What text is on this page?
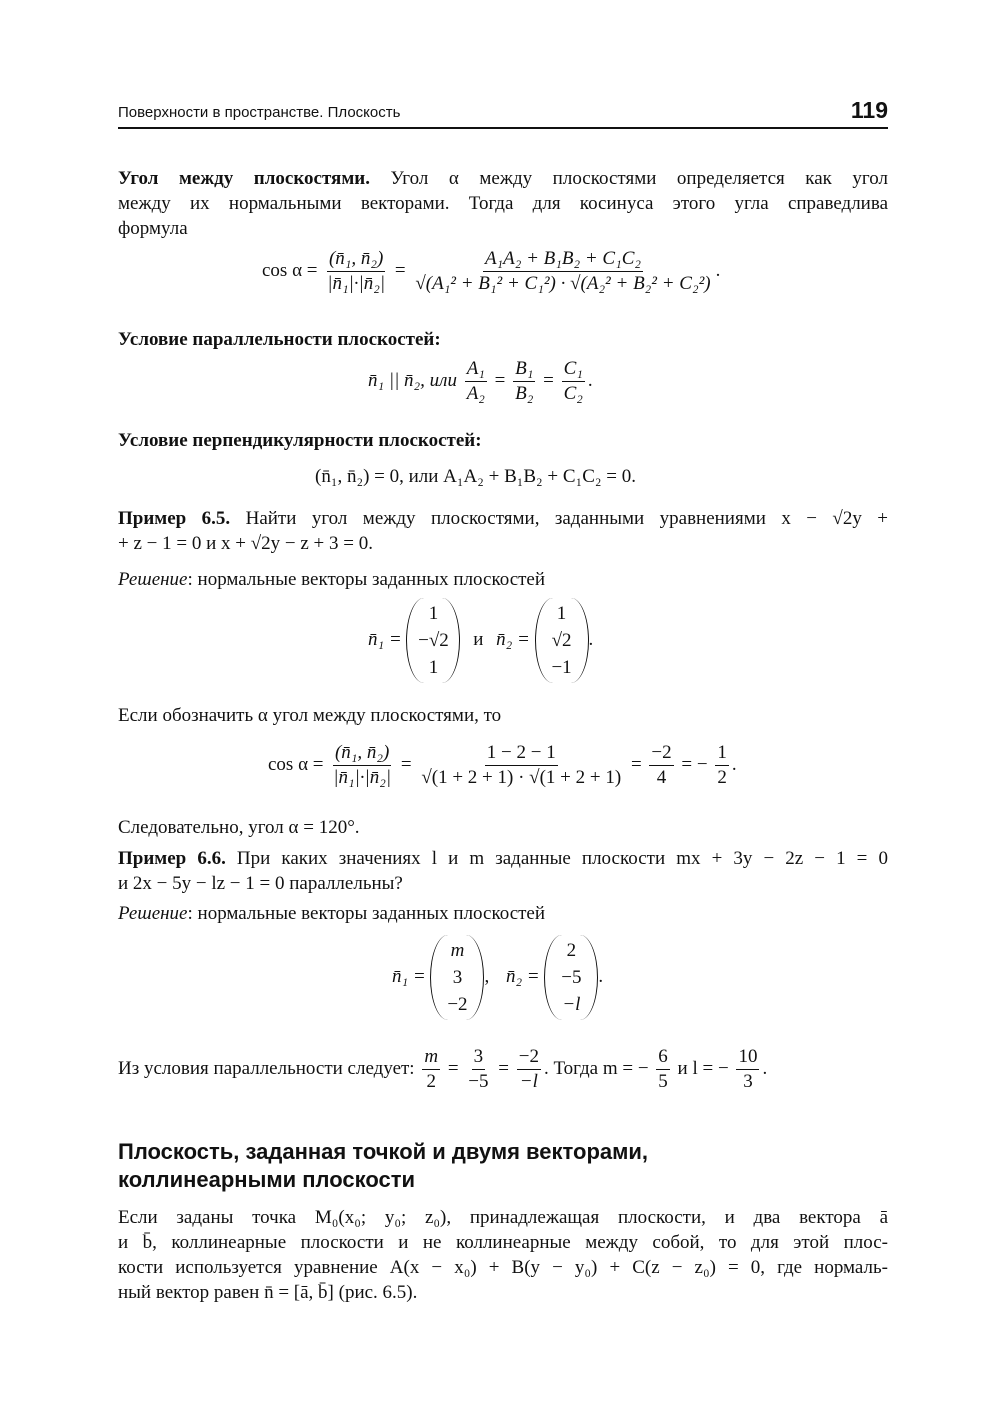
Поверхности в пространстве. Плоскость	119
Угол между плоскостями. Угол α между плоскостями определяется как угол
между их нормальными векторами. Тогда для косинуса этого угла справедлива
формула
$\cos \alpha = \frac{\text{(n̄₁, n̄₂)}}{\text{|n̄₁|·|n̄₂|}} = \frac{\text{A₁A₂ + B₁B₂ + C₁C₂}}{\text{√(A₁² + B₁² + C₁²) · √(A₂² + B₂² + C₂²)}}$ .
Условие параллельности плоскостей:
n̄₁ || n̄₂, или $\frac{\text{A₁}}{\text{A₂}} = \frac{\text{B₁}}{\text{B₂}} = \frac{\text{C₁}}{\text{C₂}}$ .
Условие перпендикулярности плоскостей:
(n̄₁, n̄₂) = 0, или A₁A₂ + B₁B₂ + C₁C₂ = 0.
Пример 6.5. Найти угол между плоскостями, заданными уравнениями x − √2y +
+ z − 1 = 0 и x + √2y − z + 3 = 0.
Решение: нормальные векторы заданных плоскостей
n̄₁ =
1
−√2
1
и n̄₂ =
1
√2
−1
.
Если обозначить α угол между плоскостями, то
$\cos \alpha = \frac{\text{(n̄₁, n̄₂)}}{\text{|n̄₁|·|n̄₂|}} = \frac{1 - 2 - 1}{√(1 + 2 + 1) \cdot √(1 + 2 + 1)} = \frac{-2}{4}$ = − $\frac{1}{2}$ .
Следовательно, угол α = 120°.
Пример 6.6. При каких значениях l и m заданные плоскости mx + 3y − 2z − 1 = 0
и 2x − 5y − lz − 1 = 0 параллельны?
Решение: нормальные векторы заданных плоскостей
n̄₁ =
m
3
−2
, n̄₂ =
2
−5
−l
.
Из условия параллельности следует: $\frac{m}{2} = \frac{3}{-5} = \frac{-2}{-l}$ . Тогда m = − $\frac{6}{5}$ и l = − $\frac{10}{3}$ .
Плоскость, заданная точкой и двумя векторами,
коллинеарными плоскости
Если заданы точка M₀(x₀; y₀; z₀), принадлежащая плоскости, и два вектора ā
и b̄, коллинеарные плоскости и не коллинеарные между собой, то для этой плос-
кости используется уравнение A(x − x₀) + B(y − y₀) + C(z − z₀) = 0, где нормаль-
ный вектор равен n̄ = [ā, b̄] (рис. 6.5).
